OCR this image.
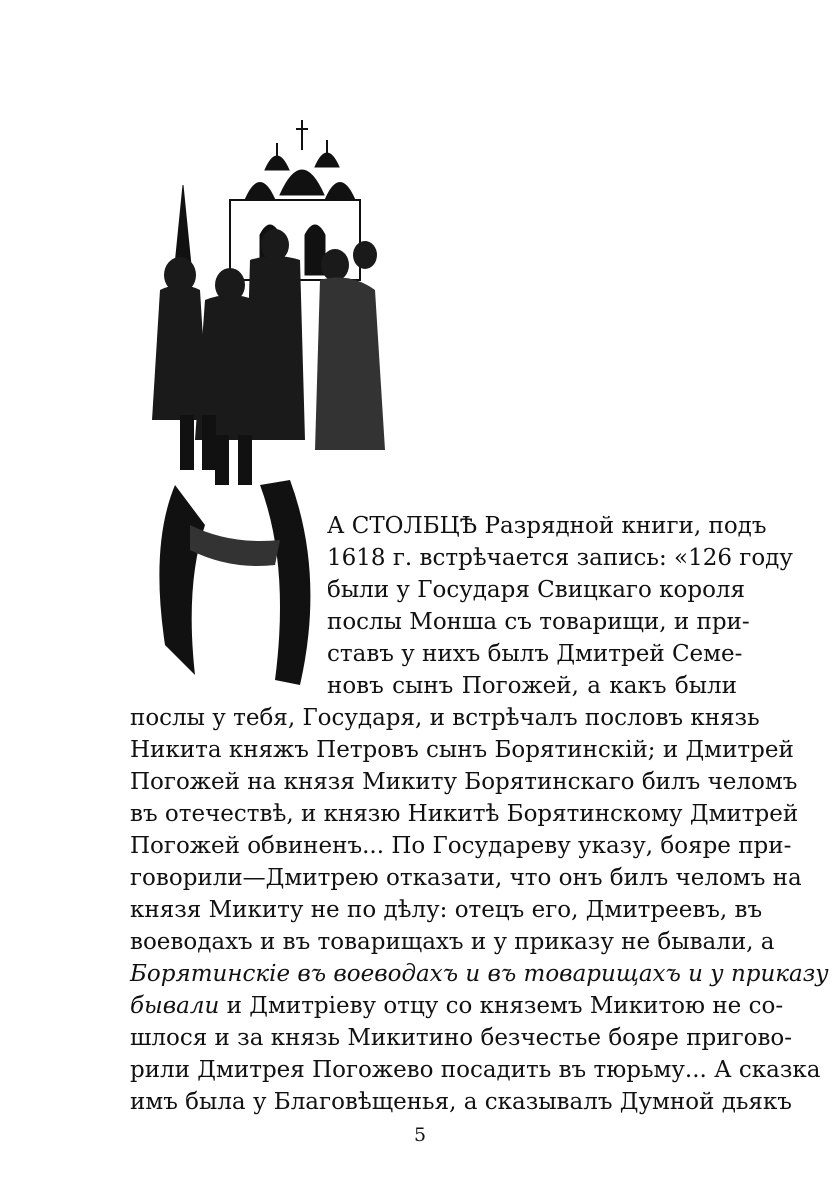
А СТОЛБЦѢ Разрядной книги, подъ
1618 г. встрѣчается запись: «126 году
были у Государя Свицкаго короля
послы Монша съ товарищи, и при-
ставъ у нихъ былъ Дмитрей Семе-
новъ сынъ Погожей, а какъ были
послы у тебя, Государя, и встрѣчалъ пословъ князь
Никита княжъ Петровъ сынъ Борятинскій; и Дмитрей
Погожей на князя Микиту Борятинскаго билъ челомъ
въ отечествѣ, и князю Никитѣ Борятинскому Дмитрей
Погожей обвиненъ... По Государеву указу, бояре при-
говорили—Дмитрею отказати, что онъ билъ челомъ на
князя Микиту не по дѣлу: отецъ его, Дмитреевъ, въ
воеводахъ и въ товарищахъ и у приказу не бывали, а
Борятинскіе въ воеводахъ и въ товарищахъ и у приказу
бывали и Дмитріеву отцу со княземъ Микитою не со-
шлося и за князь Микитино безчестье бояре пригово-
рили Дмитрея Погожево посадить въ тюрьму... А сказка
имъ была у Благовѣщенья, а сказывалъ Думной дьякъ
5
